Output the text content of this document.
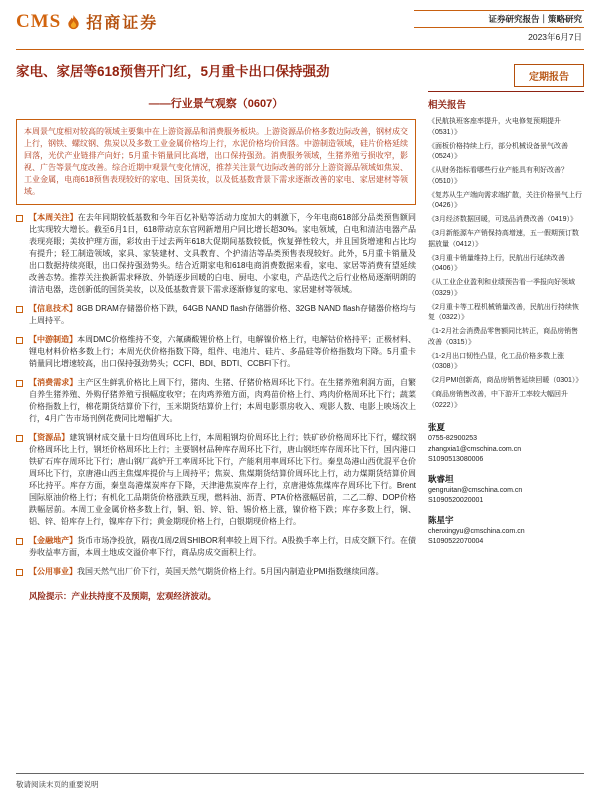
CMS 招商证券	证券研究报告｜策略研究
2023年6月7日
家电、家居等618预售开门红，5月重卡出口保持强劲	定期报告
——行业景气观察（0607）
本周景气度相对较高的领域主要集中在上游资源品和消费服务板块。上游资源品价格多数边际改善，钢材成交上行，钢铁、螺纹钢、焦炭以及多数工业金属价格均上行，水泥价格均价回落。中游制造领域，硅片价格延续回落，光伏产业链排产向好；5月重卡销量同比高增，出口保持强劲。消费服务领域，生猪养殖亏损收窄，影视、广告等景气度改善。综合近期中观景气变化情况，推荐关注景气边际改善的部分上游资源品领域如焦炭、工业金属，电商618预售表现较好的家电、国货美妆，以及低基数背景下需求逐渐改善的家电、家居建材等领域。
【本周关注】在去年同期较低基数和今年百亿补贴等活动力度加大的刺激下，今年电商618部分品类预售额同比实现较大增长。截至6月1日，618带动京东官网新增用户同比增长超30%。家电领域，白电和清洁电器产品表现亮眼；美妆护理方面，彩妆由于过去两年618大促期间基数较低，恢复弹性较大，并且国货增速和占比均有提升；轻工制造领域，家具、家装建材、文具教育、个护清洁等品类预售表现较好。此外，5月重卡销量及出口数据持续亮眼，出口保持强劲势头。结合近期家电和618电商消费数据来看，家电、家居等消费有望延续改善态势。推荐关注换新需求释放、外销逐步回暖的白电、厨电、小家电，产品迭代之后行业格局逐渐明朗的清洁电器，迭创新低的国货美妆，以及低基数背景下需求逐渐修复的家电、家居建材等领域。
【信息技术】8GB DRAM存储器价格下跌，64GB NAND flash存储器价格、32GB NAND flash存储器价格均与上周持平。
【中游制造】本周DMC价格维持不变，六氟磷酸锂价格上行，电解镍价格上行，电解钴价格持平；正极材料、锂电材料价格多数上行；本周光伏价格指数下降，组件、电池片、硅片、多晶硅等价格指数均下降。5月重卡销量同比增速较高，出口保持强劲势头；CCFI、BDI、BDTI、CCBFI下行。
【消费需求】主产区生鲜乳价格比上周下行，猪肉、生猪、仔猪价格周环比下行。在生猪养殖利润方面，自繁自养生猪养殖、外购仔猪养殖亏损幅度收窄；在肉鸡养殖方面，肉鸡苗价格上行、鸡肉价格周环比下行；蔬菜价格指数上行，棉花期货结算价下行，玉米期货结算价上行；本周电影票房收入、观影人数、电影上映场次上行，4月广告市场刊例花费同比增幅扩大。
【资源品】建筑钢材成交量十日均值周环比上行，本周粗钢均价周环比上行；铁矿砂价格周环比下行，螺纹钢价格周环比上行，钢坯价格周环比上行；主要钢材品种库存周环比下行，唐山钢坯库存周环比下行，国内港口铁矿石库存周环比下行；唐山钢厂高炉开工率周环比下行，产能利用率周环比下行。秦皇岛港山西优混平仓价周环比下行，京唐港山西主焦煤库提价与上周持平；焦炭、焦煤期货结算价周环比上行，动力煤期货结算价周环比持平。库存方面，秦皇岛港煤炭库存下降，天津港焦炭库存上行，京唐港炼焦煤库存周环比下行。Brent国际原油价格上行；有机化工品期货价格涨跌互现，燃料油、沥青、PTA价格涨幅居前，二乙二醇、DOP价格跌幅居前。本周工业金属价格多数上行，铜、铝、锌、铅、锡价格上涨，镍价格下跌；库存多数上行，铜、铝、锌、铅库存上行，镍库存下行；黄金期现价格上行，白银期现价格上行。
【金融地产】货币市场净投放，隔夜/1周/2周SHIBOR利率较上周下行。A股换手率上行，日成交额下行。在债券收益率方面，本周土地成交溢价率下行，商品房成交面积上行。
【公用事业】我国天然气出厂价下行，英国天然气期货价格上行。5月国内制造业PMI指数继续回落。
风险提示：产业扶持度不及预期，宏观经济波动。
相关报告
《民航执班客座率提升，火电修复预期提升（0531）》
《面板价格持续上行，部分机械设备景气改善（0524）》
《从财务指标看哪些行业产能具有利好改善？（0510）》
《复苏从生产端向需求端扩散，关注价格景气上行（0426）》
《3月经济数据回暖，可选品消费改善（0419）》
《3月新能源车产销保持高增速，五一假期预订数据放量（0412）》
《3月重卡销量维持上行，民航出行延续改善（0406）》
《从工业企业盈利和业绩预告看一季报向好领域（0329）》
《2月重卡等工程机械销量改善，民航出行持续恢复（0322）》
《1-2月社会消费品零售额同比转正，商品房销售改善（0315）》
《1-2月出口韧性凸显，化工品价格多数上涨（0308）》
《2月PMI创新高，商品房销售延续回暖（0301）》
《商品房销售改善，中下游开工率较大幅回升（0222）》
张夏
0755-82900253
zhangxia1@cmschina.com.cn
S1090513080006
耿睿坦
gengruitan@cmschina.com.cn
S1090520020001
陈星宇
chenxingyu@cmschina.com.cn
S1090522070004
敬请阅读末页的重要说明
